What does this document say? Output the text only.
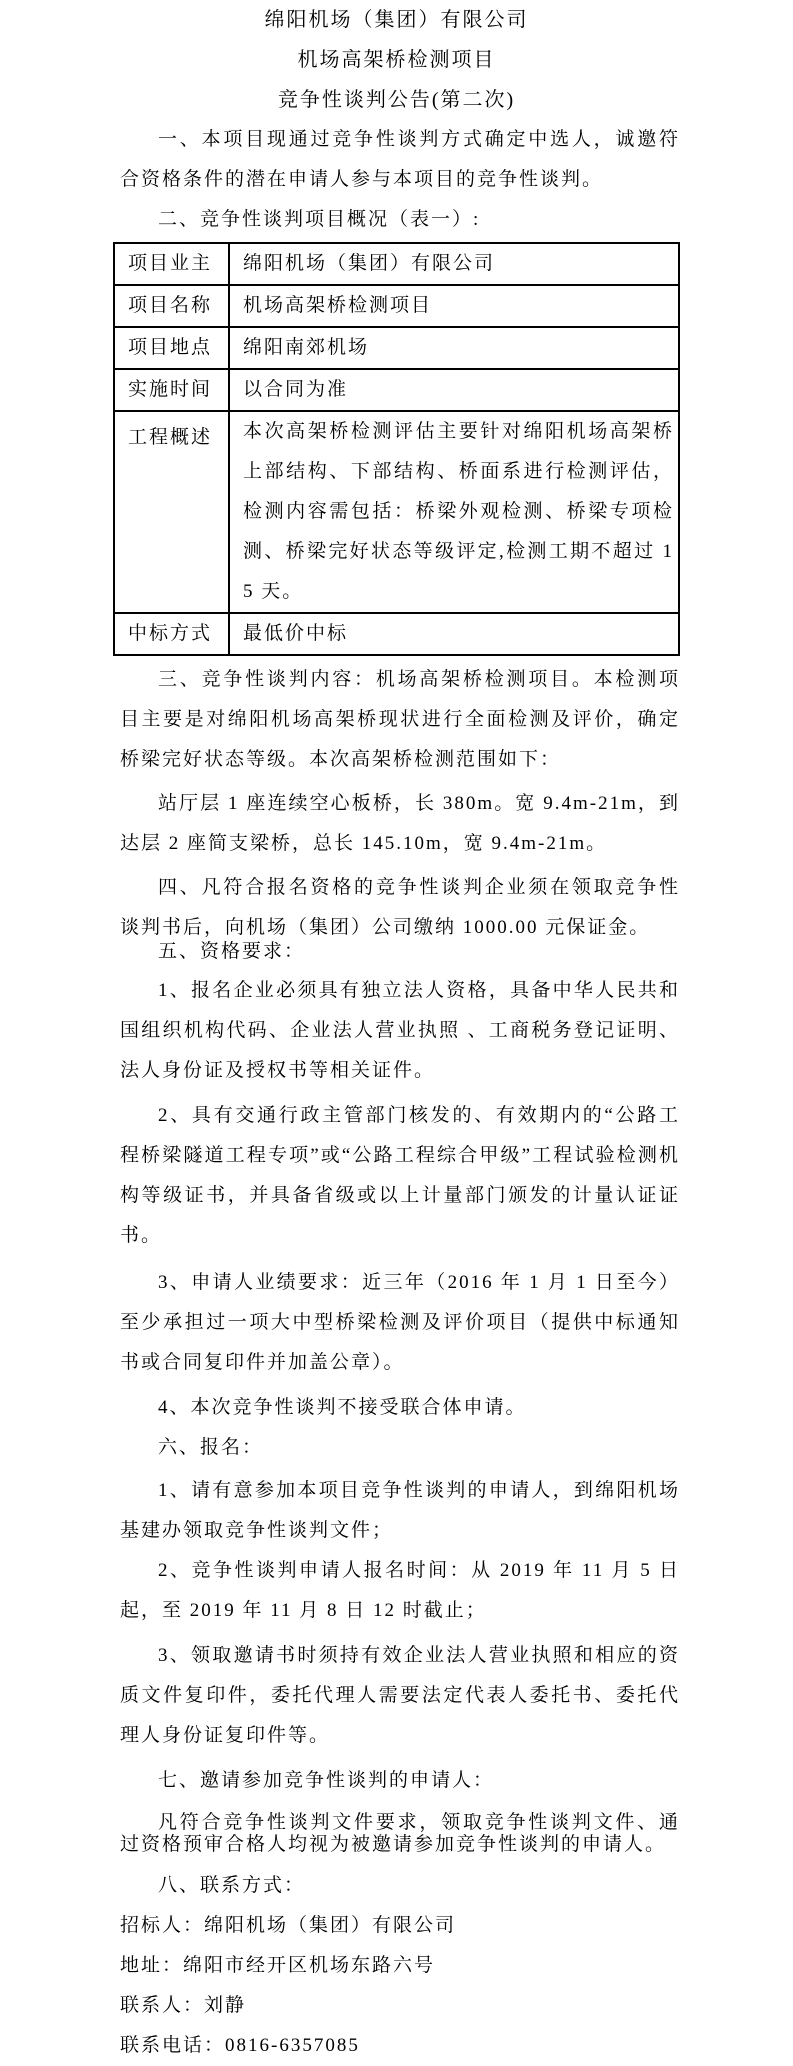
绵阳机场（集团）有限公司
机场高架桥检测项目
竞争性谈判公告(第二次)

一、本项目现通过竞争性谈判方式确定中选人，诚邀符合资格条件的潜在申请人参与本项目的竞争性谈判。

二、竞争性谈判项目概况（表一）:

项目业主	绵阳机场（集团）有限公司
项目名称	机场高架桥检测项目
项目地点	绵阳南郊机场
实施时间	以合同为准
工程概述	本次高架桥检测评估主要针对绵阳机场高架桥上部结构、下部结构、桥面系进行检测评估，检测内容需包括：桥梁外观检测、桥梁专项检测、桥梁完好状态等级评定,检测工期不超过 15 天。
中标方式	最低价中标

三、竞争性谈判内容：机场高架桥检测项目。本检测项目主要是对绵阳机场高架桥现状进行全面检测及评价，确定桥梁完好状态等级。本次高架桥检测范围如下：

站厅层 1 座连续空心板桥，长 380m。宽 9.4m-21m，到达层 2 座简支梁桥，总长 145.10m，宽 9.4m-21m。

四、凡符合报名资格的竞争性谈判企业须在领取竞争性谈判书后，向机场（集团）公司缴纳 1000.00 元保证金。

五、资格要求：

1、报名企业必须具有独立法人资格，具备中华人民共和国组织机构代码、企业法人营业执照 、工商税务登记证明、法人身份证及授权书等相关证件。

2、具有交通行政主管部门核发的、有效期内的“公路工程桥梁隧道工程专项”或“公路工程综合甲级”工程试验检测机构等级证书，并具备省级或以上计量部门颁发的计量认证证书。

3、申请人业绩要求：近三年（2016 年 1 月 1 日至今）至少承担过一项大中型桥梁检测及评价项目（提供中标通知书或合同复印件并加盖公章）。

4、本次竞争性谈判不接受联合体申请。

六、报名：

1、请有意参加本项目竞争性谈判的申请人，到绵阳机场基建办领取竞争性谈判文件；

2、竞争性谈判申请人报名时间：从 2019 年 11 月 5 日起，至 2019 年 11 月 8 日 12 时截止；

3、领取邀请书时须持有效企业法人营业执照和相应的资质文件复印件，委托代理人需要法定代表人委托书、委托代理人身份证复印件等。

七、邀请参加竞争性谈判的申请人：

凡符合竞争性谈判文件要求，领取竞争性谈判文件、通过资格预审合格人均视为被邀请参加竞争性谈判的申请人。

八、联系方式：

招标人：绵阳机场（集团）有限公司
地址：绵阳市经开区机场东路六号
联系人：刘静
联系电话：0816-6357085
